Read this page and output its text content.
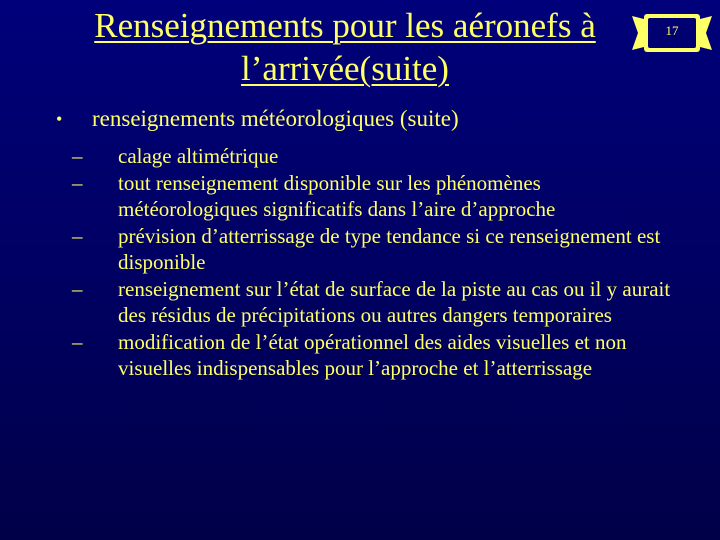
Renseignements pour les aéronefs à l’arrivée(suite)
17
• renseignements météorologiques (suite)
– calage altimétrique
– tout renseignement disponible sur les phénomènes météorologiques significatifs dans l’aire d’approche
– prévision d’atterrissage de type tendance si ce renseignement est disponible
– renseignement sur l’état de surface de la piste au cas ou il y aurait des résidus de précipitations ou autres dangers temporaires
– modification de l’état opérationnel des aides visuelles et non visuelles indispensables pour l’approche et l’atterrissage
